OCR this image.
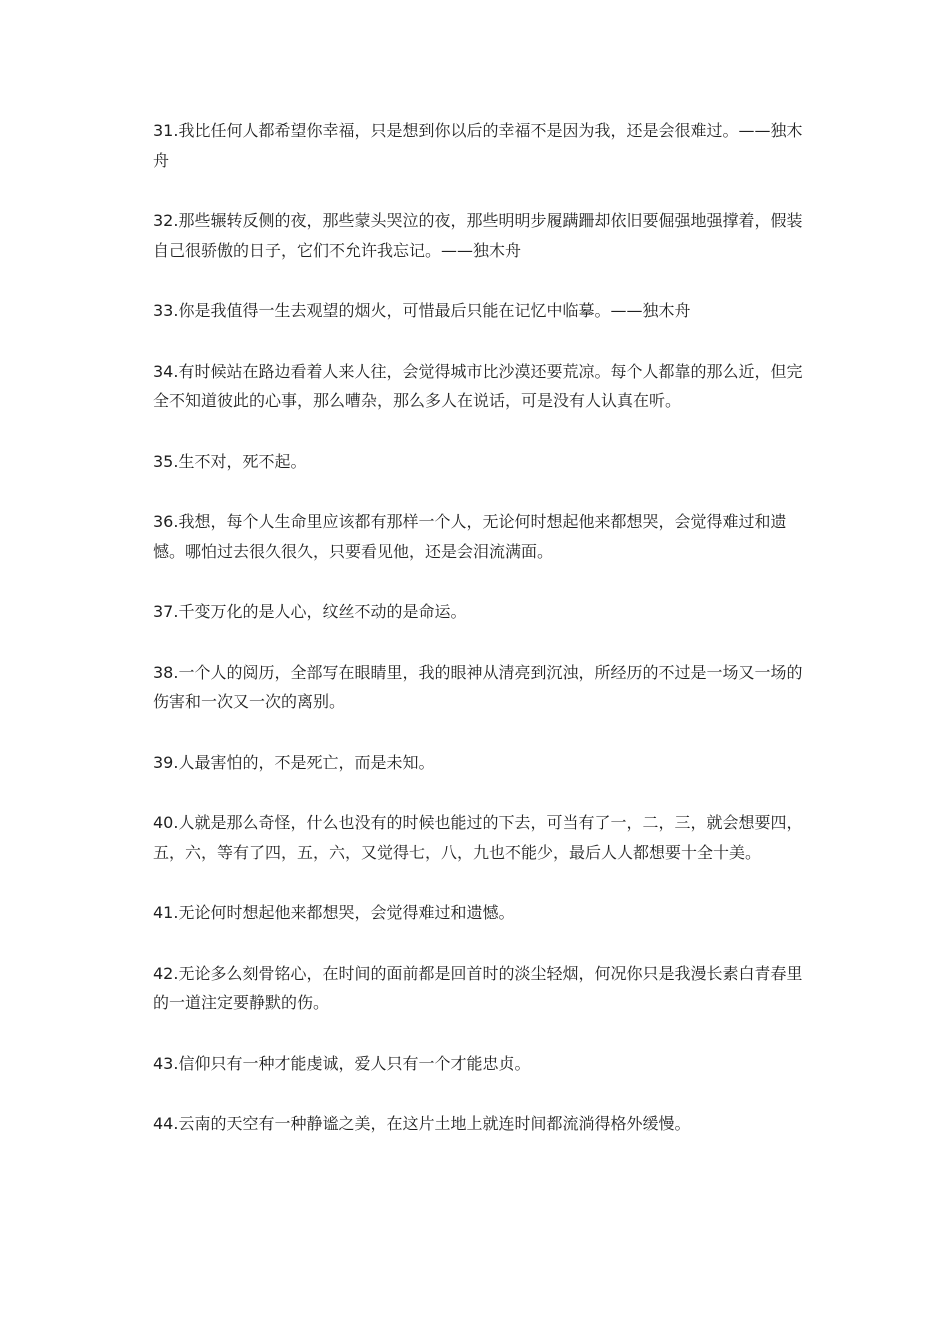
31.我比任何人都希望你幸福，只是想到你以后的幸福不是因为我，还是会很难过。——独木舟

32.那些辗转反侧的夜，那些蒙头哭泣的夜，那些明明步履蹒跚却依旧要倔强地强撑着，假装自己很骄傲的日子，它们不允许我忘记。——独木舟

33.你是我值得一生去观望的烟火，可惜最后只能在记忆中临摹。——独木舟

34.有时候站在路边看着人来人往，会觉得城市比沙漠还要荒凉。每个人都靠的那么近，但完全不知道彼此的心事，那么嘈杂，那么多人在说话，可是没有人认真在听。

35.生不对，死不起。

36.我想，每个人生命里应该都有那样一个人，无论何时想起他来都想哭，会觉得难过和遗憾。哪怕过去很久很久，只要看见他，还是会泪流满面。

37.千变万化的是人心，纹丝不动的是命运。

38.一个人的阅历，全部写在眼睛里，我的眼神从清亮到沉浊，所经历的不过是一场又一场的伤害和一次又一次的离别。

39.人最害怕的，不是死亡，而是未知。

40.人就是那么奇怪，什么也没有的时候也能过的下去，可当有了一，二，三，就会想要四，五，六，等有了四，五，六，又觉得七，八，九也不能少，最后人人都想要十全十美。

41.无论何时想起他来都想哭，会觉得难过和遗憾。

42.无论多么刻骨铭心，在时间的面前都是回首时的淡尘轻烟，何况你只是我漫长素白青春里的一道注定要静默的伤。

43.信仰只有一种才能虔诚，爱人只有一个才能忠贞。

44.云南的天空有一种静谧之美，在这片土地上就连时间都流淌得格外缓慢。
